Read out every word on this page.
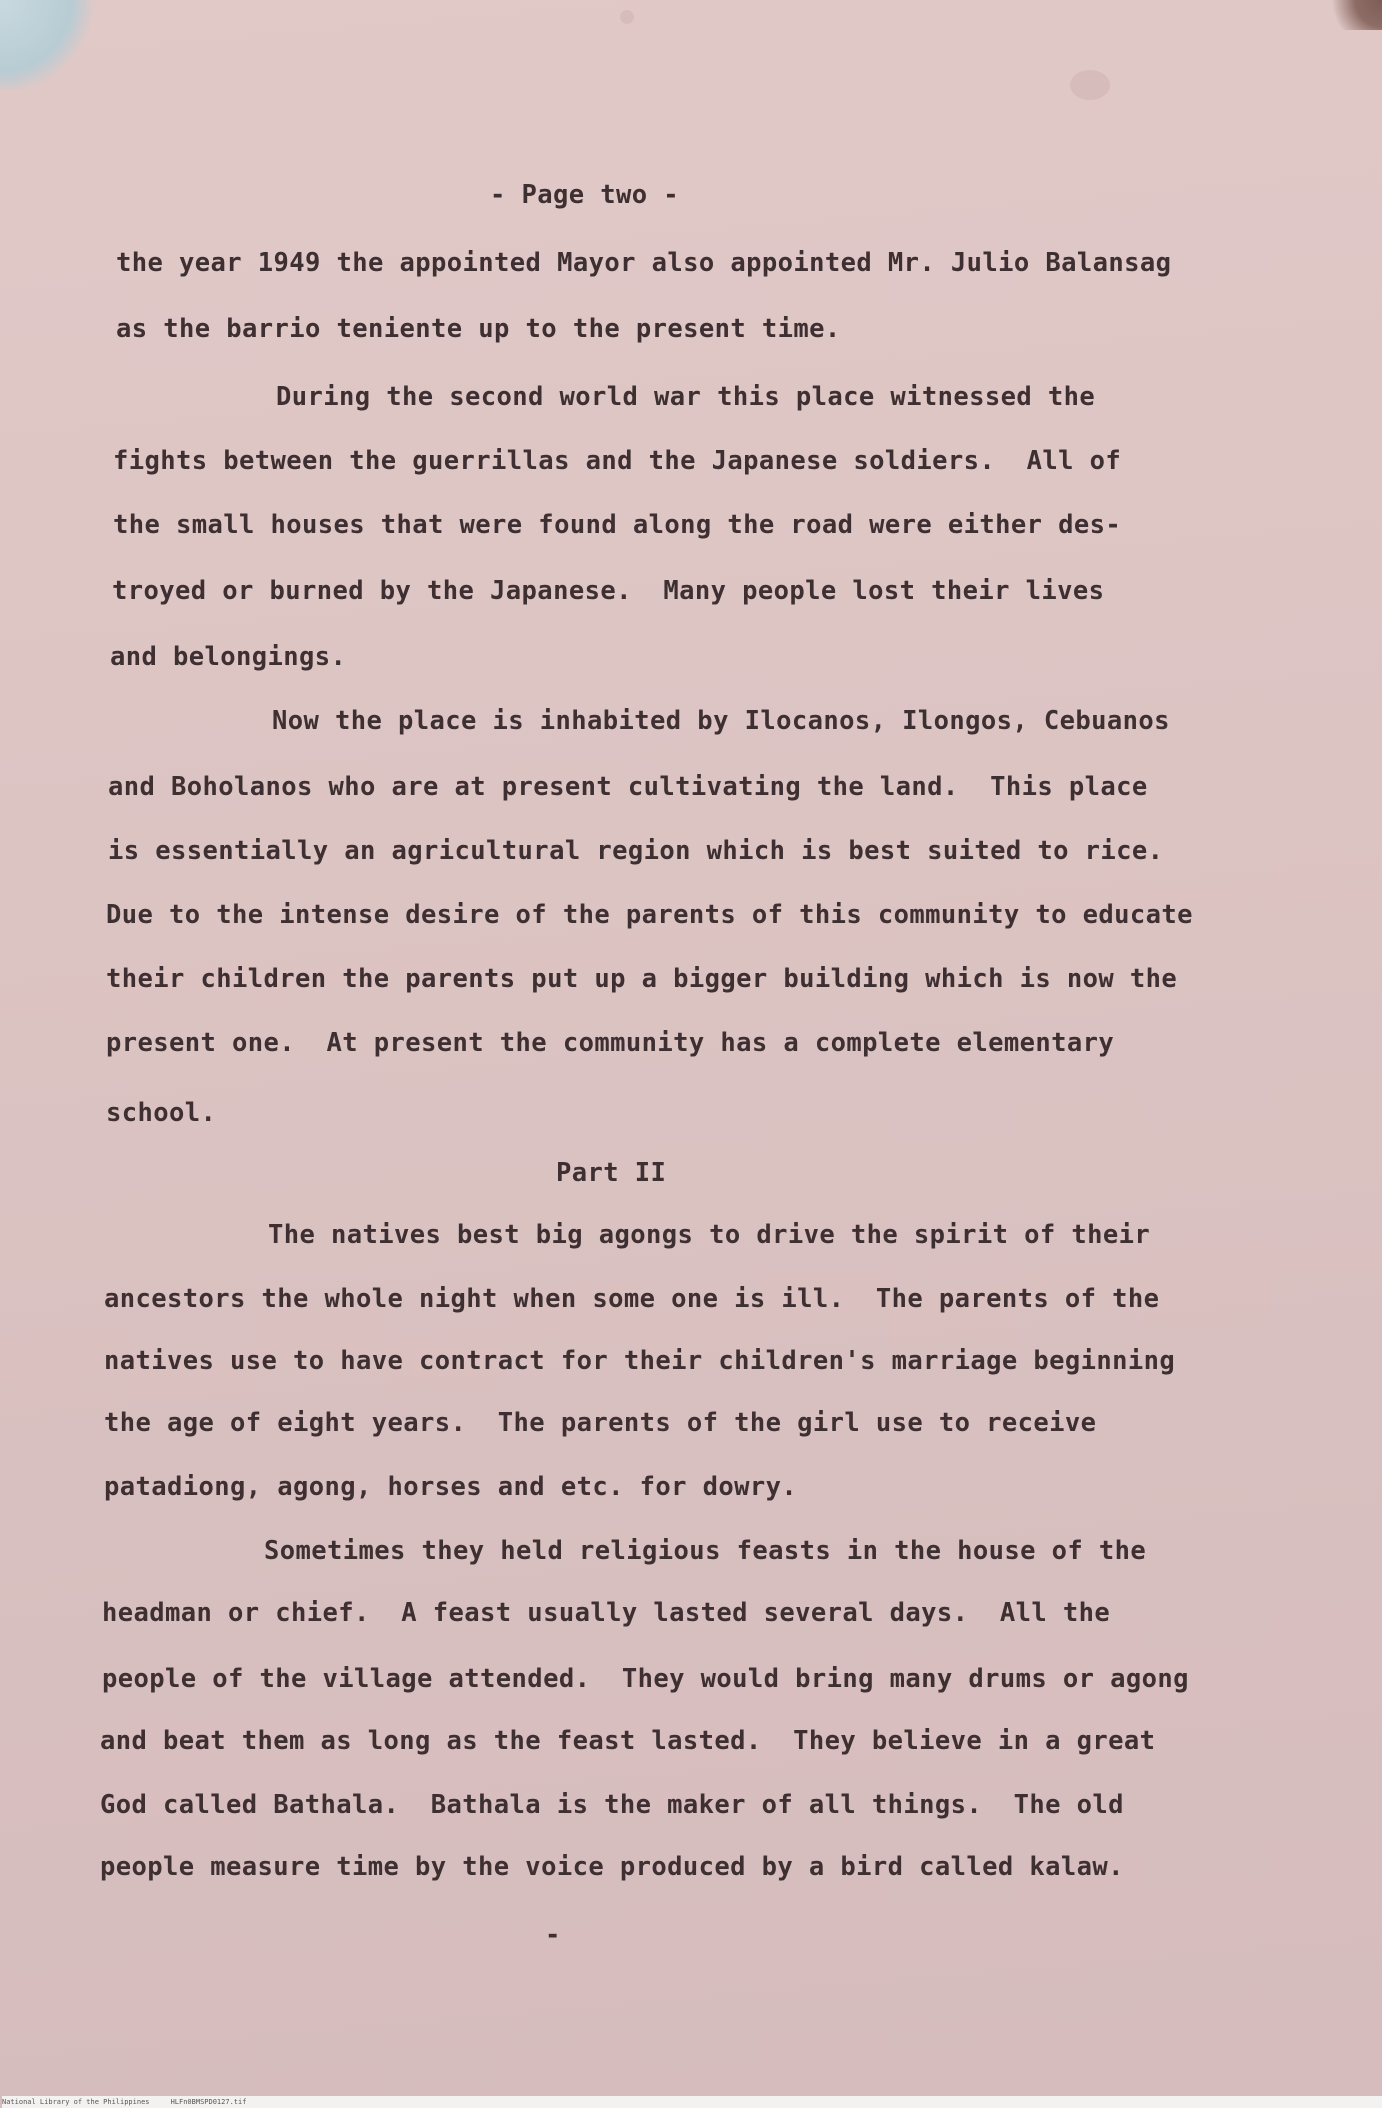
- Page two -
the year 1949 the appointed Mayor also appointed Mr. Julio Balansag
as the barrio teniente up to the present time.
During the second world war this place witnessed the
fights between the guerrillas and the Japanese soldiers.  All of
the small houses that were found along the road were either des-
troyed or burned by the Japanese.  Many people lost their lives
and belongings.
Now the place is inhabited by Ilocanos, Ilongos, Cebuanos
and Boholanos who are at present cultivating the land.  This place
is essentially an agricultural region which is best suited to rice.
Due to the intense desire of the parents of this community to educate
their children the parents put up a bigger building which is now the
present one.  At present the community has a complete elementary
school.
Part II
The natives best big agongs to drive the spirit of their
ancestors the whole night when some one is ill.  The parents of the
natives use to have contract for their children's marriage beginning
the age of eight years.  The parents of the girl use to receive
patadiong, agong, horses and etc. for dowry.
Sometimes they held religious feasts in the house of the
headman or chief.  A feast usually lasted several days.  All the
people of the village attended.  They would bring many drums or agong
and beat them as long as the feast lasted.  They believe in a great
God called Bathala.  Bathala is the maker of all things.  The old
people measure time by the voice produced by a bird called kalaw.
-
National Library of the Philippines     HLFn0BMSPD0127.tif
